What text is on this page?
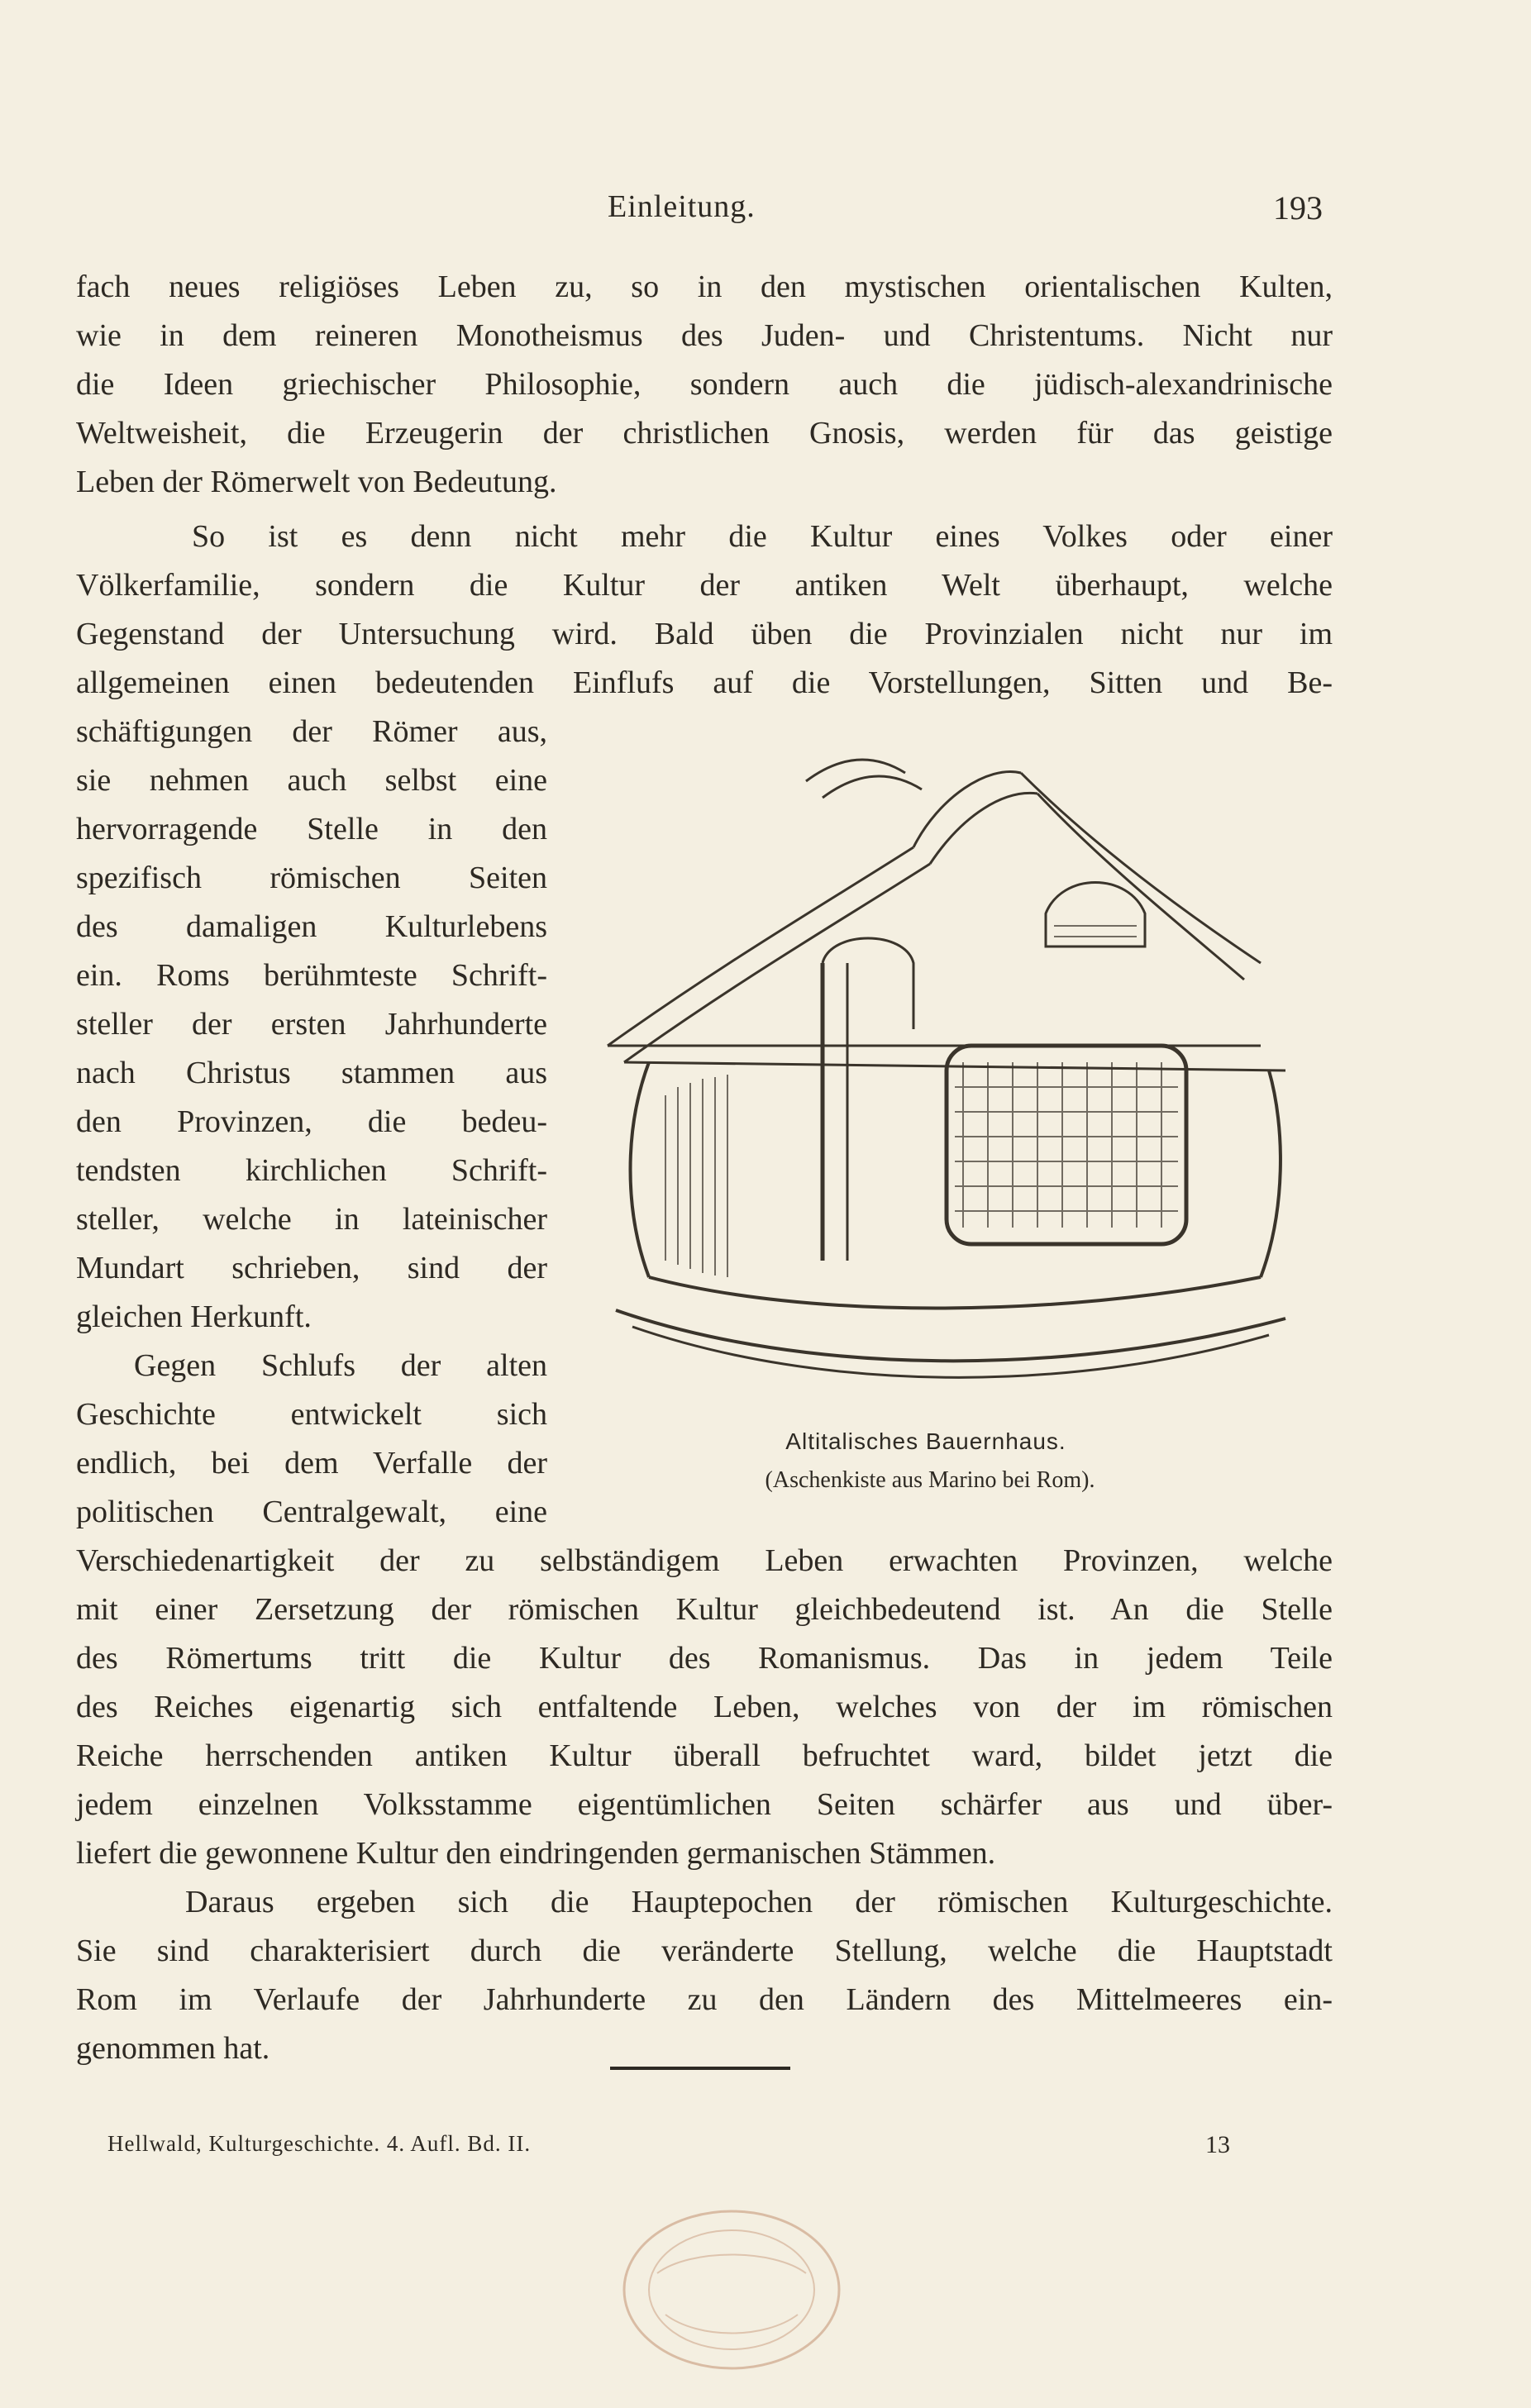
Einleitung.	193
fach neues religiöses Leben zu, so in den mystischen orientalischen Kulten,
wie in dem reineren Monotheismus des Juden- und Christentums. Nicht nur
die Ideen griechischer Philosophie, sondern auch die jüdisch-alexandrinische
Weltweisheit, die Erzeugerin der christlichen Gnosis, werden für das geistige
Leben der Römerwelt von Bedeutung.
So ist es denn nicht mehr die Kultur eines Volkes oder einer
Völkerfamilie, sondern die Kultur der antiken Welt überhaupt, welche
Gegenstand der Untersuchung wird. Bald üben die Provinzialen nicht nur im
allgemeinen einen bedeutenden Einflufs auf die Vorstellungen, Sitten und Be-
schäftigungen der Römer aus,
sie nehmen auch selbst eine
hervorragende Stelle in den
spezifisch römischen Seiten
des damaligen Kulturlebens
ein. Roms berühmteste Schrift-
steller der ersten Jahrhunderte
nach Christus stammen aus
den Provinzen, die bedeu-
tendsten kirchlichen Schrift-
steller, welche in lateinischer
Mundart schrieben, sind der
gleichen Herkunft.
Gegen Schlufs der alten
Geschichte entwickelt sich
endlich, bei dem Verfalle der
politischen Centralgewalt, eine
Verschiedenartigkeit der zu selbständigem Leben erwachten Provinzen, welche
mit einer Zersetzung der römischen Kultur gleichbedeutend ist. An die Stelle
des Römertums tritt die Kultur des Romanismus. Das in jedem Teile
des Reiches eigenartig sich entfaltende Leben, welches von der im römischen
Reiche herrschenden antiken Kultur überall befruchtet ward, bildet jetzt die
jedem einzelnen Volksstamme eigentümlichen Seiten schärfer aus und über-
liefert die gewonnene Kultur den eindringenden germanischen Stämmen.
Daraus ergeben sich die Hauptepochen der römischen Kulturgeschichte.
Sie sind charakterisiert durch die veränderte Stellung, welche die Hauptstadt
Rom im Verlaufe der Jahrhunderte zu den Ländern des Mittelmeeres ein-
genommen hat.
Altitalisches Bauernhaus.
(Aschenkiste aus Marino bei Rom).
Hellwald, Kulturgeschichte. 4. Aufl. Bd. II.	13
